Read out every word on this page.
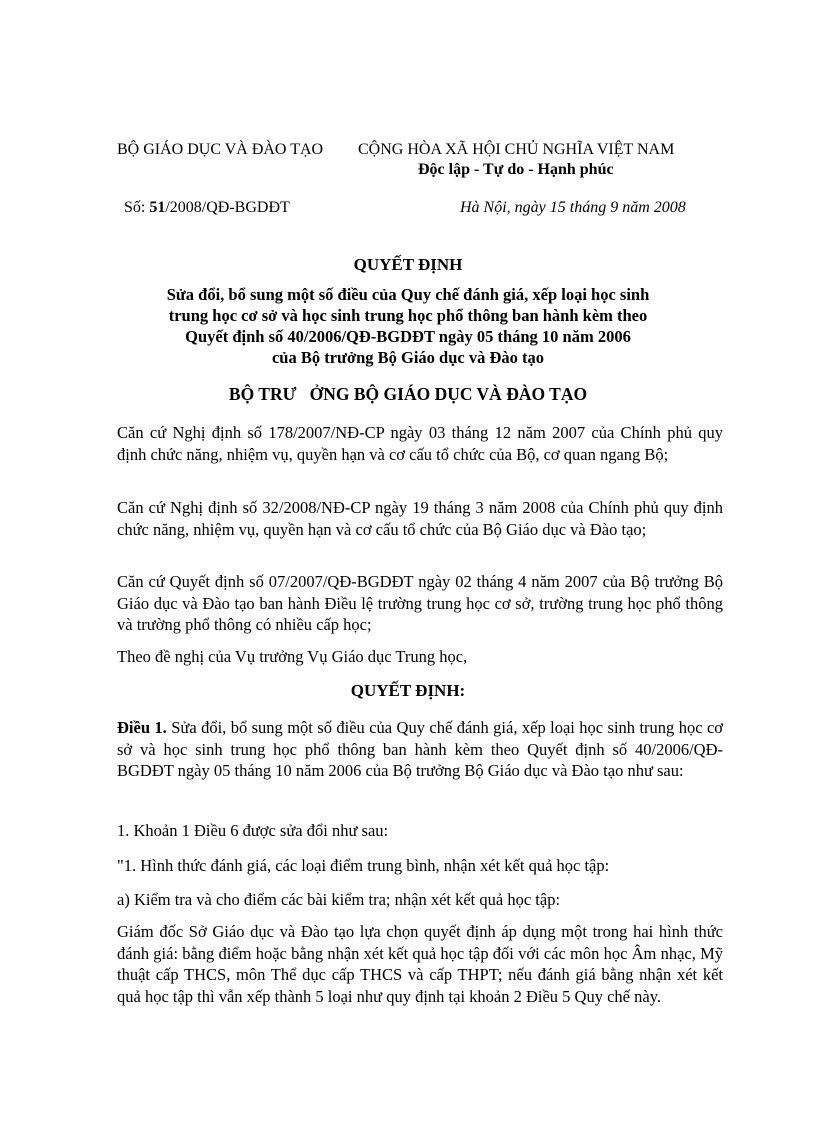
BỘ GIÁO DỤC VÀ ĐÀO TẠO CỘNG HÒA XÃ HỘI CHỦ NGHĨA VIỆT NAM
Độc lập - Tự do - Hạnh phúc
Số: 51/2008/QĐ-BGDĐT	Hà Nội, ngày 15 tháng 9 năm 2008
QUYẾT ĐỊNH
Sửa đổi, bổ sung một số điều của Quy chế đánh giá, xếp loại học sinh
trung học cơ sở và học sinh trung học phổ thông ban hành kèm theo
Quyết định số 40/2006/QĐ-BGDĐT ngày 05 tháng 10 năm 2006
của Bộ trưởng Bộ Giáo dục và Đào tạo
BỘ TRƯ   ỞNG BỘ GIÁO DỤC VÀ ĐÀO TẠO
Căn cứ Nghị định số 178/2007/NĐ-CP ngày 03 tháng 12 năm 2007 của Chính phủ quy định chức năng, nhiệm vụ, quyền hạn và cơ cấu tổ chức của Bộ, cơ quan ngang Bộ;
Căn cứ Nghị định số 32/2008/NĐ-CP ngày 19 tháng 3 năm 2008 của Chính phủ quy định chức năng, nhiệm vụ, quyền hạn và cơ cấu tổ chức của Bộ Giáo dục và Đào tạo;
Căn cứ Quyết định số 07/2007/QĐ-BGDĐT ngày 02 tháng 4 năm 2007 của Bộ trưởng Bộ Giáo dục và Đào tạo ban hành Điều lệ trường trung học cơ sở, trường trung học phổ thông và trường phổ thông có nhiều cấp học;
Theo đề nghị của Vụ trưởng Vụ Giáo dục Trung học,
QUYẾT ĐỊNH:
Điều 1. Sửa đổi, bổ sung một số điều của Quy chế đánh giá, xếp loại học sinh trung học cơ sở và học sinh trung học phổ thông ban hành kèm theo Quyết định số 40/2006/QĐ-BGDĐT ngày 05 tháng 10 năm 2006 của Bộ trưởng Bộ Giáo dục và Đào tạo như sau:
1. Khoản 1 Điều 6 được sửa đổi như sau:
"1. Hình thức đánh giá, các loại điểm trung bình, nhận xét kết quả học tập:
a) Kiểm tra và cho điểm các bài kiểm tra; nhận xét kết quả học tập:
Giám đốc Sở Giáo dục và Đào tạo lựa chọn quyết định áp dụng một trong hai hình thức đánh giá: bằng điểm hoặc bằng nhận xét kết quả học tập đối với các môn học Âm nhạc, Mỹ thuật cấp THCS, môn Thể dục cấp THCS và cấp THPT; nếu đánh giá bằng nhận xét kết quả học tập thì vẫn xếp thành 5 loại như quy định tại khoản 2 Điều 5 Quy chế này.
